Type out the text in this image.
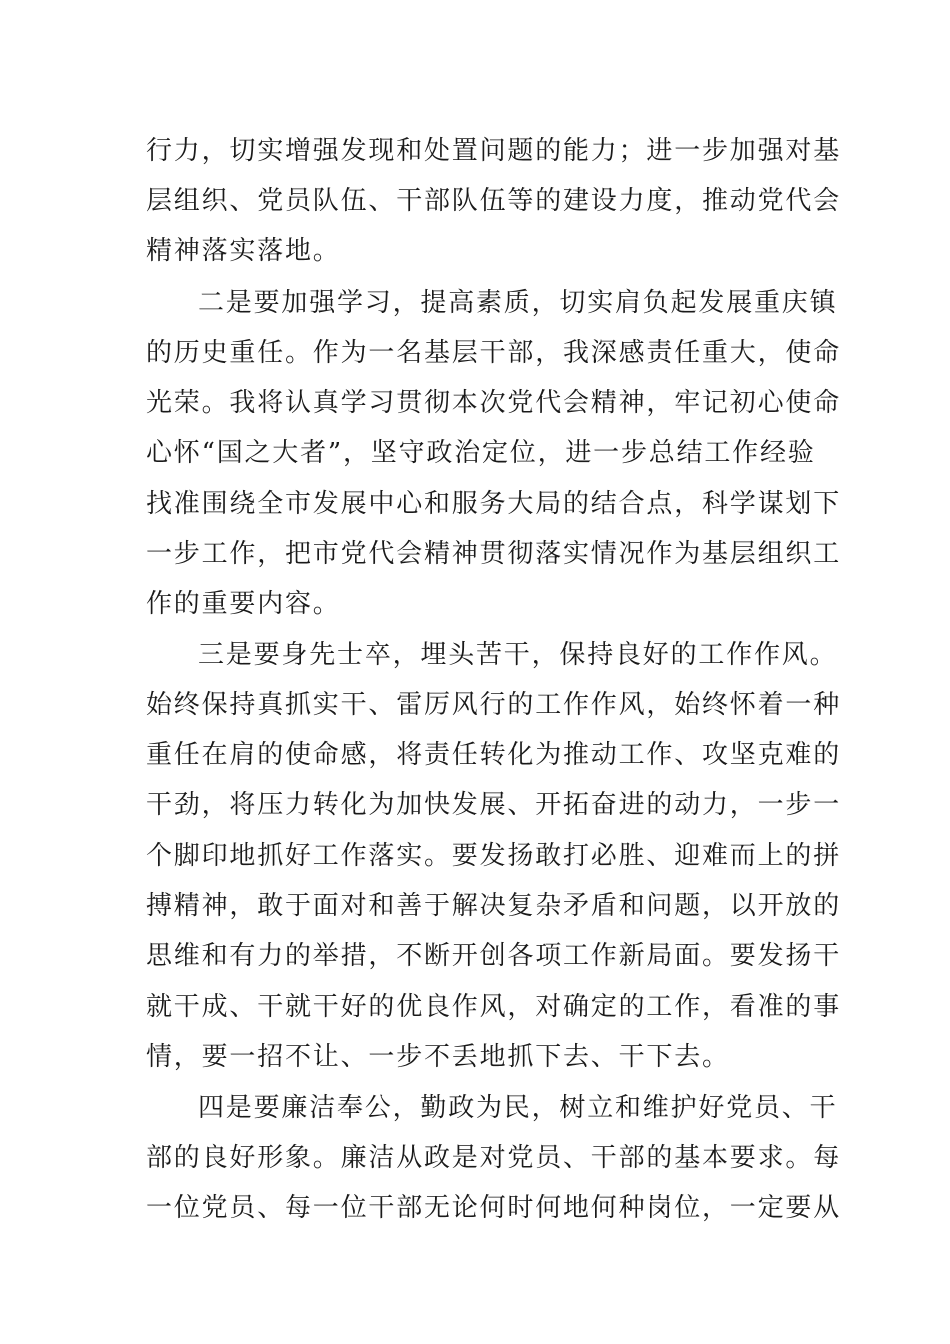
行力，切实增强发现和处置问题的能力；进一步加强对基
层组织、党员队伍、干部队伍等的建设力度，推动党代会
精神落实落地。
二是要加强学习，提高素质，切实肩负起发展重庆镇
的历史重任。作为一名基层干部，我深感责任重大，使命
光荣。我将认真学习贯彻本次党代会精神，牢记初心使命
心怀“国之大者”，坚守政治定位，进一步总结工作经验
找准围绕全市发展中心和服务大局的结合点，科学谋划下
一步工作，把市党代会精神贯彻落实情况作为基层组织工
作的重要内容。
三是要身先士卒，埋头苦干，保持良好的工作作风。
始终保持真抓实干、雷厉风行的工作作风，始终怀着一种
重任在肩的使命感，将责任转化为推动工作、攻坚克难的
干劲，将压力转化为加快发展、开拓奋进的动力，一步一
个脚印地抓好工作落实。要发扬敢打必胜、迎难而上的拼
搏精神，敢于面对和善于解决复杂矛盾和问题，以开放的
思维和有力的举措，不断开创各项工作新局面。要发扬干
就干成、干就干好的优良作风，对确定的工作，看准的事
情，要一招不让、一步不丢地抓下去、干下去。
四是要廉洁奉公，勤政为民，树立和维护好党员、干
部的良好形象。廉洁从政是对党员、干部的基本要求。每
一位党员、每一位干部无论何时何地何种岗位，一定要从
